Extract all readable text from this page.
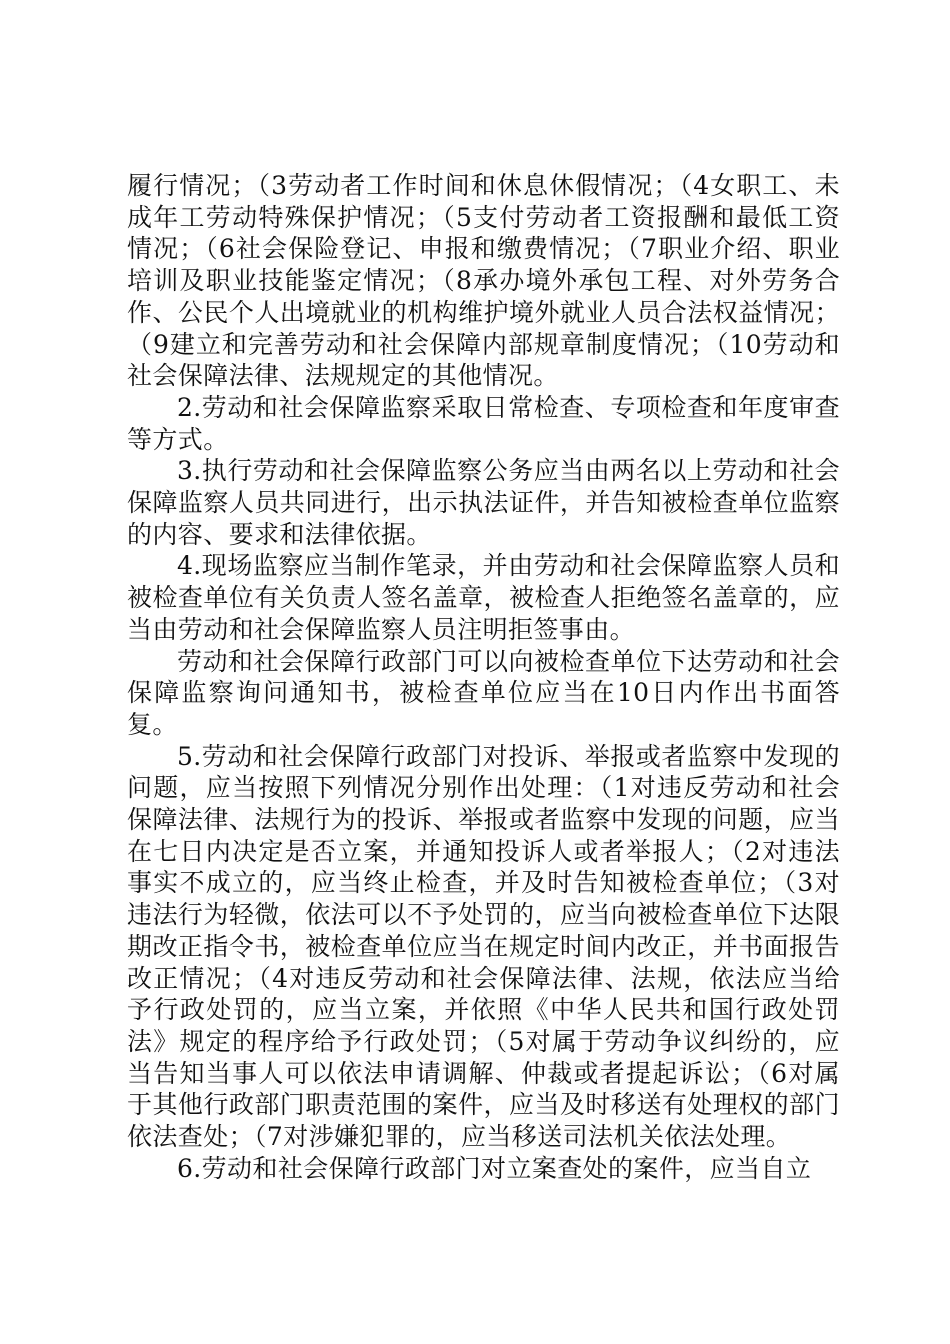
履行情况；（3劳动者工作时间和休息休假情况；（4女职工、未成年工劳动特殊保护情况；（5支付劳动者工资报酬和最低工资情况；（6社会保险登记、申报和缴费情况；（7职业介绍、职业培训及职业技能鉴定情况；（8承办境外承包工程、对外劳务合作、公民个人出境就业的机构维护境外就业人员合法权益情况；（9建立和完善劳动和社会保障内部规章制度情况；（10劳动和社会保障法律、法规规定的其他情况。

2.劳动和社会保障监察采取日常检查、专项检查和年度审查等方式。

3.执行劳动和社会保障监察公务应当由两名以上劳动和社会保障监察人员共同进行，出示执法证件，并告知被检查单位监察的内容、要求和法律依据。

4.现场监察应当制作笔录，并由劳动和社会保障监察人员和被检查单位有关负责人签名盖章，被检查人拒绝签名盖章的，应当由劳动和社会保障监察人员注明拒签事由。

劳动和社会保障行政部门可以向被检查单位下达劳动和社会保障监察询问通知书，被检查单位应当在10日内作出书面答复。

5.劳动和社会保障行政部门对投诉、举报或者监察中发现的问题，应当按照下列情况分别作出处理：（1对违反劳动和社会保障法律、法规行为的投诉、举报或者监察中发现的问题，应当在七日内决定是否立案，并通知投诉人或者举报人；（2对违法事实不成立的，应当终止检查，并及时告知被检查单位；（3对违法行为轻微，依法可以不予处罚的，应当向被检查单位下达限期改正指令书，被检查单位应当在规定时间内改正，并书面报告改正情况；（4对违反劳动和社会保障法律、法规，依法应当给予行政处罚的，应当立案，并依照《中华人民共和国行政处罚法》规定的程序给予行政处罚；（5对属于劳动争议纠纷的，应当告知当事人可以依法申请调解、仲裁或者提起诉讼；（6对属于其他行政部门职责范围的案件，应当及时移送有处理权的部门依法查处；（7对涉嫌犯罪的，应当移送司法机关依法处理。

6.劳动和社会保障行政部门对立案查处的案件，应当自立
